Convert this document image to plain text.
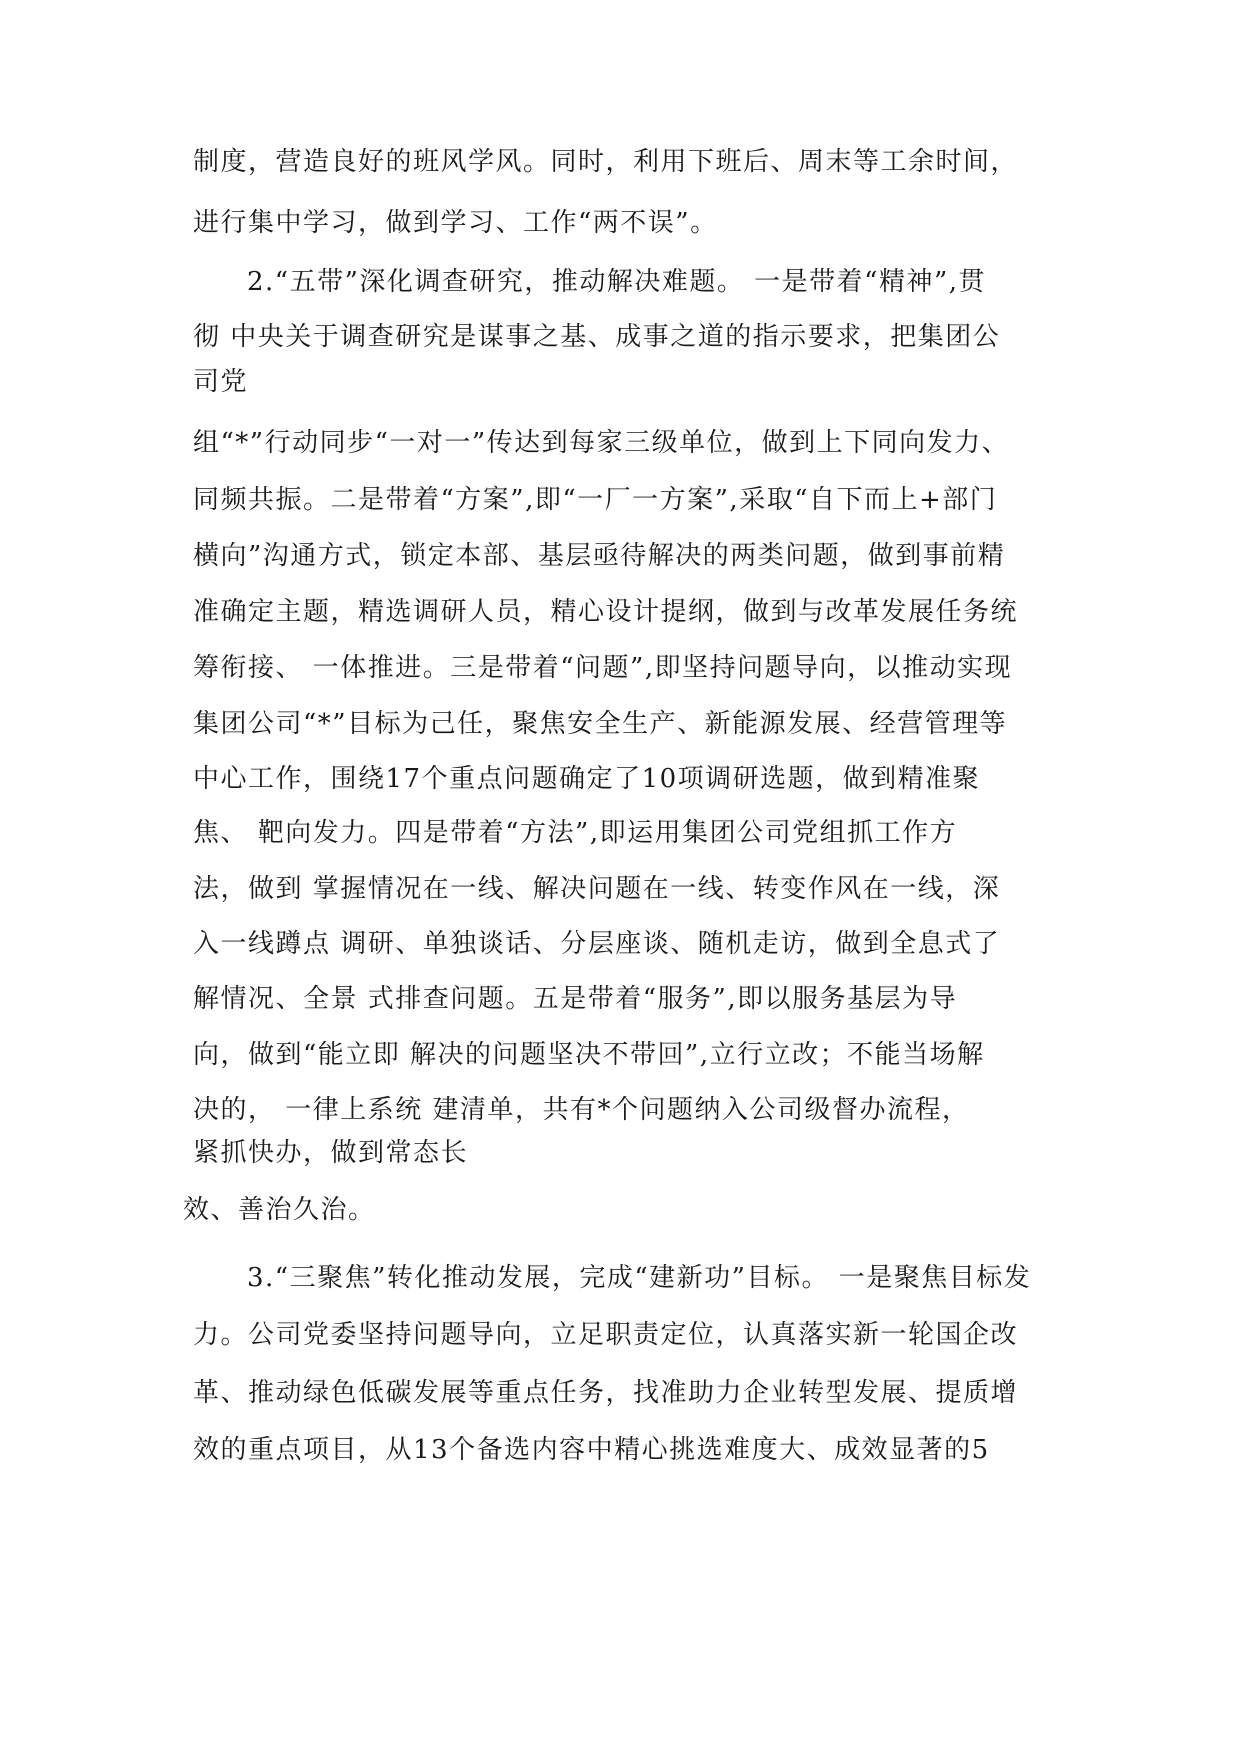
制度，营造良好的班风学风。同时，利用下班后、周末等工余时间，
进行集中学习，做到学习、工作“两不误”。
2.“五带”深化调查研究，推动解决难题。 一是带着“精神”,贯
彻 中央关于调查研究是谋事之基、成事之道的指示要求，把集团公
司党
组“*”行动同步“一对一”传达到每家三级单位，做到上下同向发力、
同频共振。二是带着“方案”,即“一厂一方案”,采取“自下而上+部门
横向”沟通方式，锁定本部、基层亟待解决的两类问题，做到事前精
准确定主题，精选调研人员，精心设计提纲，做到与改革发展任务统
筹衔接、 一体推进。三是带着“问题”,即坚持问题导向，以推动实现
集团公司“*”目标为己任，聚焦安全生产、新能源发展、经营管理等
中心工作，围绕17个重点问题确定了10项调研选题，做到精准聚
焦、 靶向发力。四是带着“方法”,即运用集团公司党组抓工作方
法，做到 掌握情况在一线、解决问题在一线、转变作风在一线，深
入一线蹲点 调研、单独谈话、分层座谈、随机走访，做到全息式了
解情况、全景 式排查问题。五是带着“服务”,即以服务基层为导
向，做到“能立即 解决的问题坚决不带回”,立行立改；不能当场解
决的， 一律上系统 建清单，共有*个问题纳入公司级督办流程，
紧抓快办，做到常态长
效、善治久治。
3.“三聚焦”转化推动发展，完成“建新功”目标。 一是聚焦目标发
力。公司党委坚持问题导向，立足职责定位，认真落实新一轮国企改
革、推动绿色低碳发展等重点任务，找准助力企业转型发展、提质增
效的重点项目，从13个备选内容中精心挑选难度大、成效显著的5
